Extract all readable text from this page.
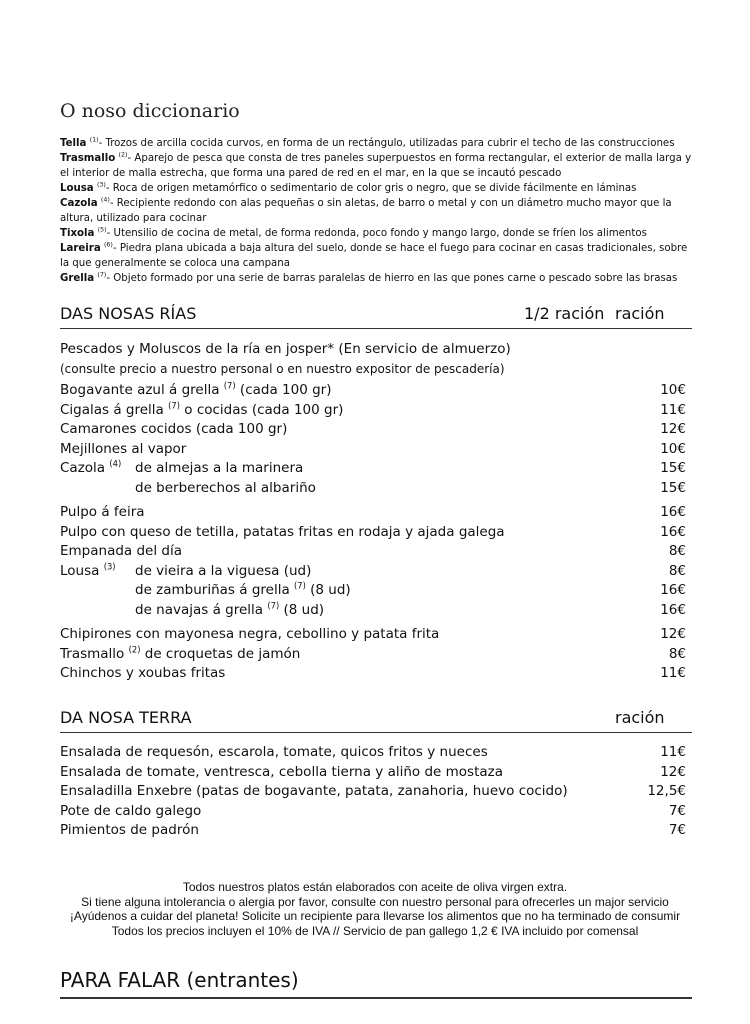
O noso diccionario

Tella $^{(1)}$- Trozos de arcilla cocida curvos, en forma de un rectángulo, utilizadas para cubrir el techo de las construcciones

Trasmallo $^{(2)}$- Aparejo de pesca que consta de tres paneles superpuestos en forma rectangular, el exterior de malla larga y el interior de malla estrecha, que forma una pared de red en el mar, en la que se incautó pescado

Lousa $^{(3)}$- Roca de origen metamórfico o sedimentario de color gris o negro, que se divide fácilmente en láminas

Cazola $^{(4)}$- Recipiente redondo con alas pequeñas o sin aletas, de barro o metal y con un diámetro mucho mayor que la altura, utilizado para cocinar

Tixola $^{(5)}$- Utensilio de cocina de metal, de forma redonda, poco fondo y mango largo, donde se fríen los alimentos

Lareira $^{(6)}$- Piedra plana ubicada a baja altura del suelo, donde se hace el fuego para cocinar en casas tradicionales, sobre la que generalmente se coloca una campana

Grella $^{(7)}$- Objeto formado por una serie de barras paralelas de hierro en las que pones carne o pescado sobre las brasas

DAS NOSAS RÍAS	1/2 ración ración
Pescados y Moluscos de la ría en josper* (En servicio de almuerzo)
(consulte precio a nuestro personal o en nuestro expositor de pescadería)
Bogavante azul á grella $^{(7)}$ (cada 100 gr)	10€
Cigalas á grella $^{(7)}$ o cocidas (cada 100 gr)	11€
Camarones cocidos (cada 100 gr)	12€
Mejillones al vapor	10€
Cazola $^{(4)}$ de almejas a la marinera	15€
de berberechos al albariño	15€
Pulpo á feira	16€
Pulpo con queso de tetilla, patatas fritas en rodaja y ajada galega	16€
Empanada del día	8€
Lousa $^{(3)}$ de vieira a la viguesa (ud)	8€
de zamburiñas á grella $^{(7)}$ (8 ud)	16€
de navajas á grella $^{(7)}$ (8 ud)	16€
Chipirones con mayonesa negra, cebollino y patata frita	12€
Trasmallo $^{(2)}$ de croquetas de jamón	8€
Chinchos y xoubas fritas	11€
DA NOSA TERRA	ración
Ensalada de requesón, escarola, tomate, quicos fritos y nueces	11€
Ensalada de tomate, ventresca, cebolla tierna y aliño de mostaza	12€
Ensaladilla Enxebre (patas de bogavante, patata, zanahoria, huevo cocido)	12,5€
Pote de caldo galego	7€
Pimientos de padrón	7€

Todos nuestros platos están elaborados con aceite de oliva virgen extra.

Si tiene alguna intolerancia o alergia por favor, consulte con nuestro personal para ofrecerles un major servicio

¡Ayúdenos a cuidar del planeta! Solicite un recipiente para llevarse los alimentos que no ha terminado de consumir

Todos los precios incluyen el 10% de IVA // Servicio de pan gallego 1,2 € IVA incluido por comensal

PARA FALAR (entrantes)
